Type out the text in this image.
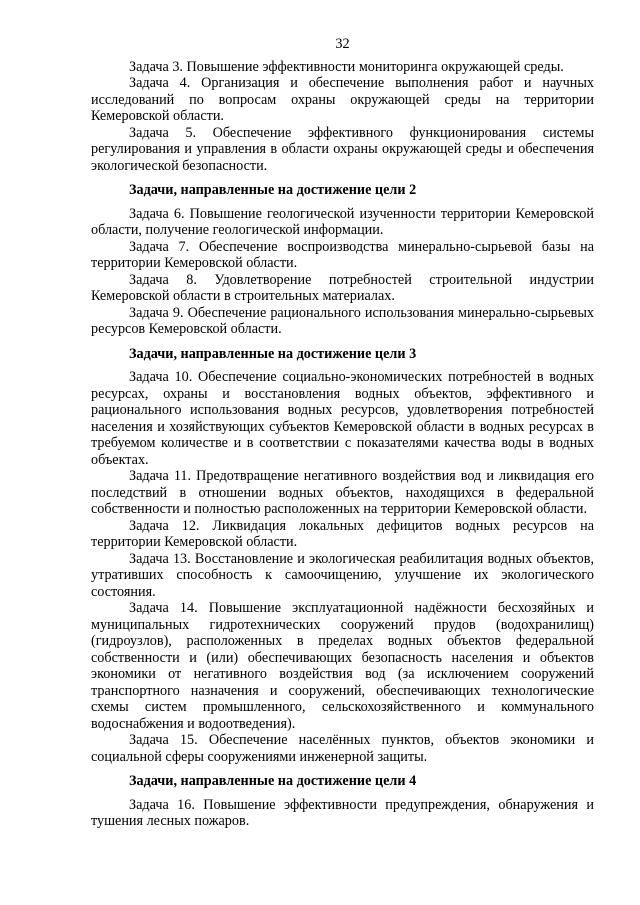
32

Задача 3. Повышение эффективности мониторинга окружающей среды.

Задача 4. Организация и обеспечение выполнения работ и научных исследований по вопросам охраны окружающей среды на территории Кемеровской области.

Задача 5. Обеспечение эффективного функционирования системы регулирования и управления в области охраны окружающей среды и обеспечения экологической безопасности.

Задачи, направленные на достижение цели 2

Задача 6. Повышение геологической изученности территории Кемеровской области, получение геологической информации.

Задача 7. Обеспечение воспроизводства минерально-сырьевой базы на территории Кемеровской области.

Задача 8. Удовлетворение потребностей строительной индустрии Кемеровской области в строительных материалах.

Задача 9. Обеспечение рационального использования минерально-сырьевых ресурсов Кемеровской области.

Задачи, направленные на достижение цели 3

Задача 10. Обеспечение социально-экономических потребностей в водных ресурсах, охраны и восстановления водных объектов, эффективного и рационального использования водных ресурсов, удовлетворения потребностей населения и хозяйствующих субъектов Кемеровской области в водных ресурсах в требуемом количестве и в соответствии с показателями качества воды в водных объектах.

Задача 11. Предотвращение негативного воздействия вод и ликвидация его последствий в отношении водных объектов, находящихся в федеральной собственности и полностью расположенных на территории Кемеровской области.

Задача 12. Ликвидация локальных дефицитов водных ресурсов на территории Кемеровской области.

Задача 13. Восстановление и экологическая реабилитация водных объектов, утративших способность к самоочищению, улучшение их экологического состояния.

Задача 14. Повышение эксплуатационной надёжности бесхозяйных и муниципальных гидротехнических сооружений прудов (водохранилищ) (гидроузлов), расположенных в пределах водных объектов федеральной собственности и (или) обеспечивающих безопасность населения и объектов экономики от негативного воздействия вод (за исключением сооружений транспортного назначения и сооружений, обеспечивающих технологические схемы систем промышленного, сельскохозяйственного и коммунального водоснабжения и водоотведения).

Задача 15. Обеспечение населённых пунктов, объектов экономики и социальной сферы сооружениями инженерной защиты.

Задачи, направленные на достижение цели 4

Задача 16. Повышение эффективности предупреждения, обнаружения и тушения лесных пожаров.
